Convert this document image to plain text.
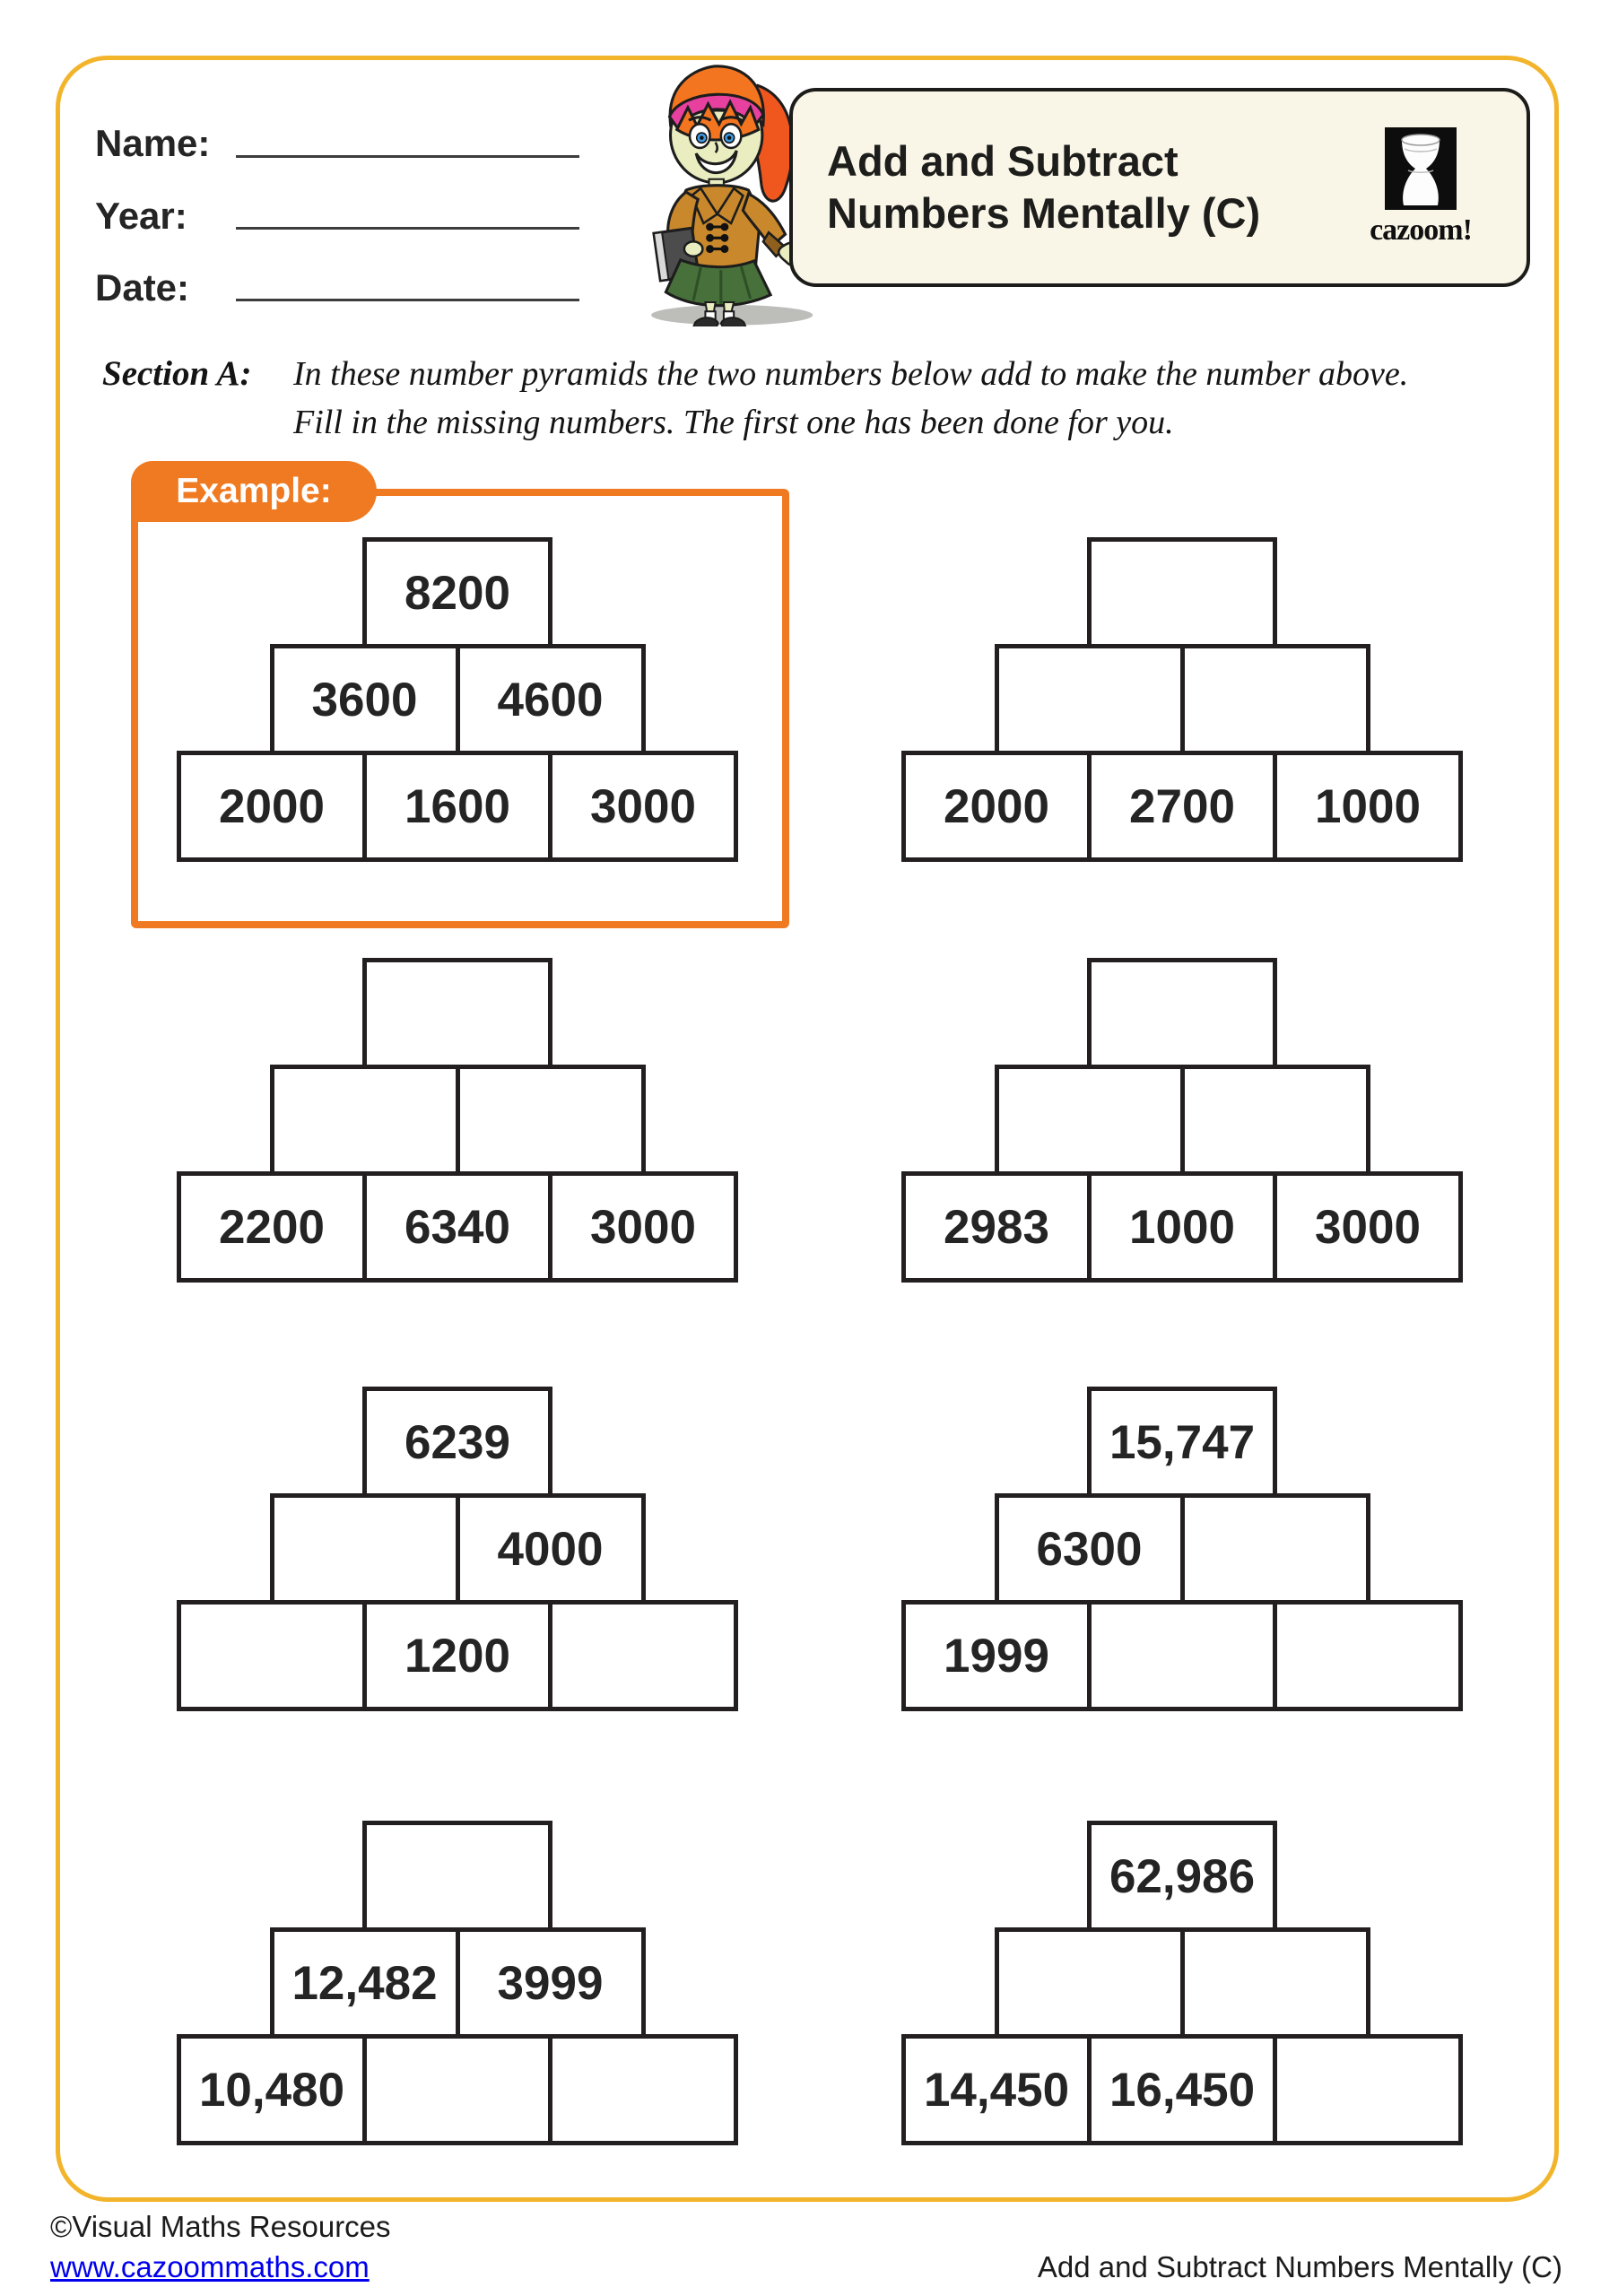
Name:
Year:
Date:
Add and Subtract
Numbers Mentally (C)	cazoom!
Section A: In these number pyramids the two numbers below add to make the number above.
Fill in the missing numbers. The first one has been done for you.
Example:
8200
3600	4600
2000	1600	3000	2000	2700	1000
2200	6340	3000	2983	1000	3000
6239
4000
1200
15,747
6300
1999
12,482	3999
10,480
62,986
14,450 16,450
©Visual Maths Resources
www.cazoommaths.com	Add and Subtract Numbers Mentally (C)
